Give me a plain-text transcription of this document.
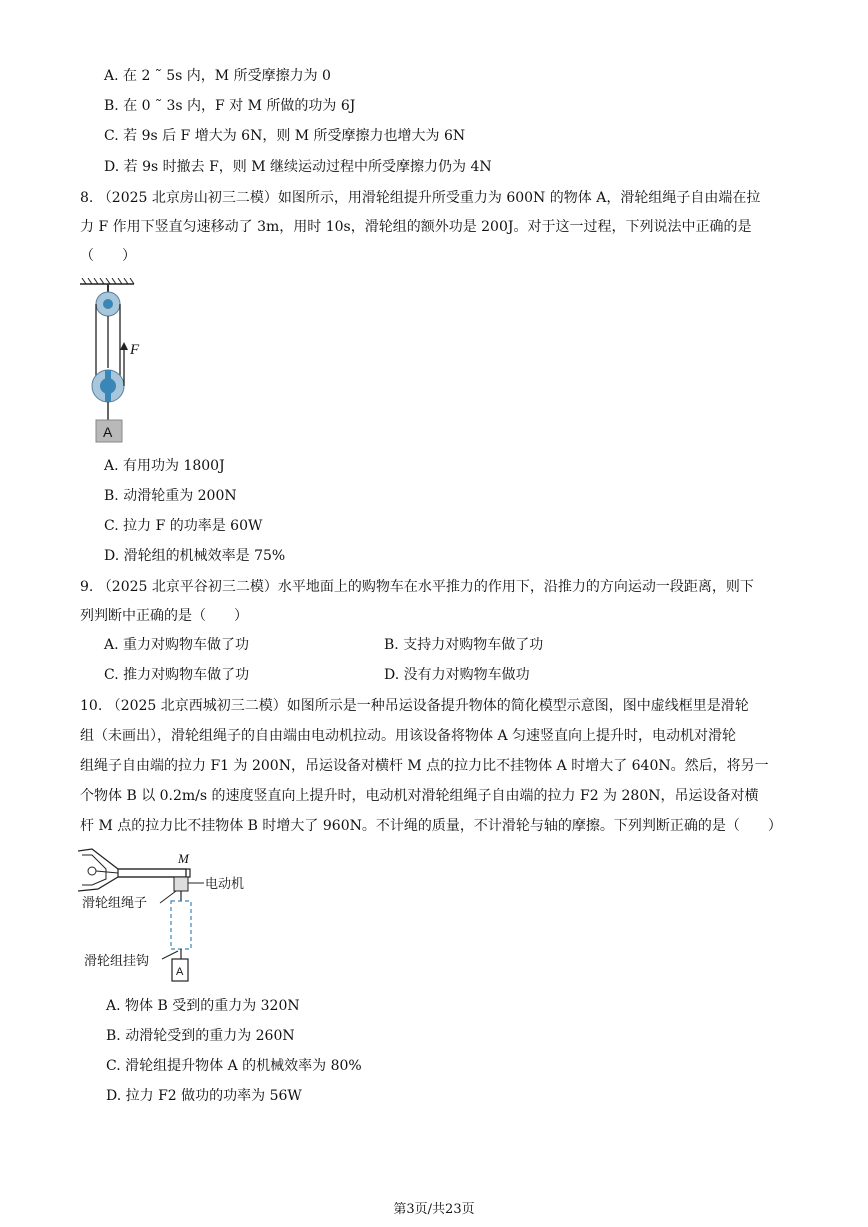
A. 在 2 ˜ 5s 内，M 所受摩擦力为 0
B. 在 0 ˜ 3s 内，F 对 M 所做的功为 6J
C. 若 9s 后 F 增大为 6N，则 M 所受摩擦力也增大为 6N
D. 若 9s 时撤去 F，则 M 继续运动过程中所受摩擦力仍为 4N
8. （2025 北京房山初三二模）如图所示，用滑轮组提升所受重力为 600N 的物体 A，滑轮组绳子自由端在拉
力 F 作用下竖直匀速移动了 3m，用时 10s，滑轮组的额外功是 200J。对于这一过程，下列说法中正确的是
（　　）
F
A
A. 有用功为 1800J
B. 动滑轮重为 200N
C. 拉力 F 的功率是 60W
D. 滑轮组的机械效率是 75%
9. （2025 北京平谷初三二模）水平地面上的购物车在水平推力的作用下，沿推力的方向运动一段距离，则下
列判断中正确的是（　　）
A. 重力对购物车做了功	B. 支持力对购物车做了功
C. 推力对购物车做了功	D. 没有力对购物车做功
10. （2025 北京西城初三二模）如图所示是一种吊运设备提升物体的简化模型示意图，图中虚线框里是滑轮
组（未画出），滑轮组绳子的自由端由电动机拉动。用该设备将物体 A 匀速竖直向上提升时，电动机对滑轮
组绳子自由端的拉力 F1 为 200N，吊运设备对横杆 M 点的拉力比不挂物体 A 时增大了 640N。然后，将另一
个物体 B 以 0.2m/s 的速度竖直向上提升时，电动机对滑轮组绳子自由端的拉力 F2 为 280N，吊运设备对横
杆 M 点的拉力比不挂物体 B 时增大了 960N。不计绳的质量，不计滑轮与轴的摩擦。下列判断正确的是（　　）
M
电动机
滑轮组绳子
滑轮组挂钩
A
A. 物体 B 受到的重力为 320N
B. 动滑轮受到的重力为 260N
C. 滑轮组提升物体 A 的机械效率为 80%
D. 拉力 F2 做功的功率为 56W
第3页/共23页
